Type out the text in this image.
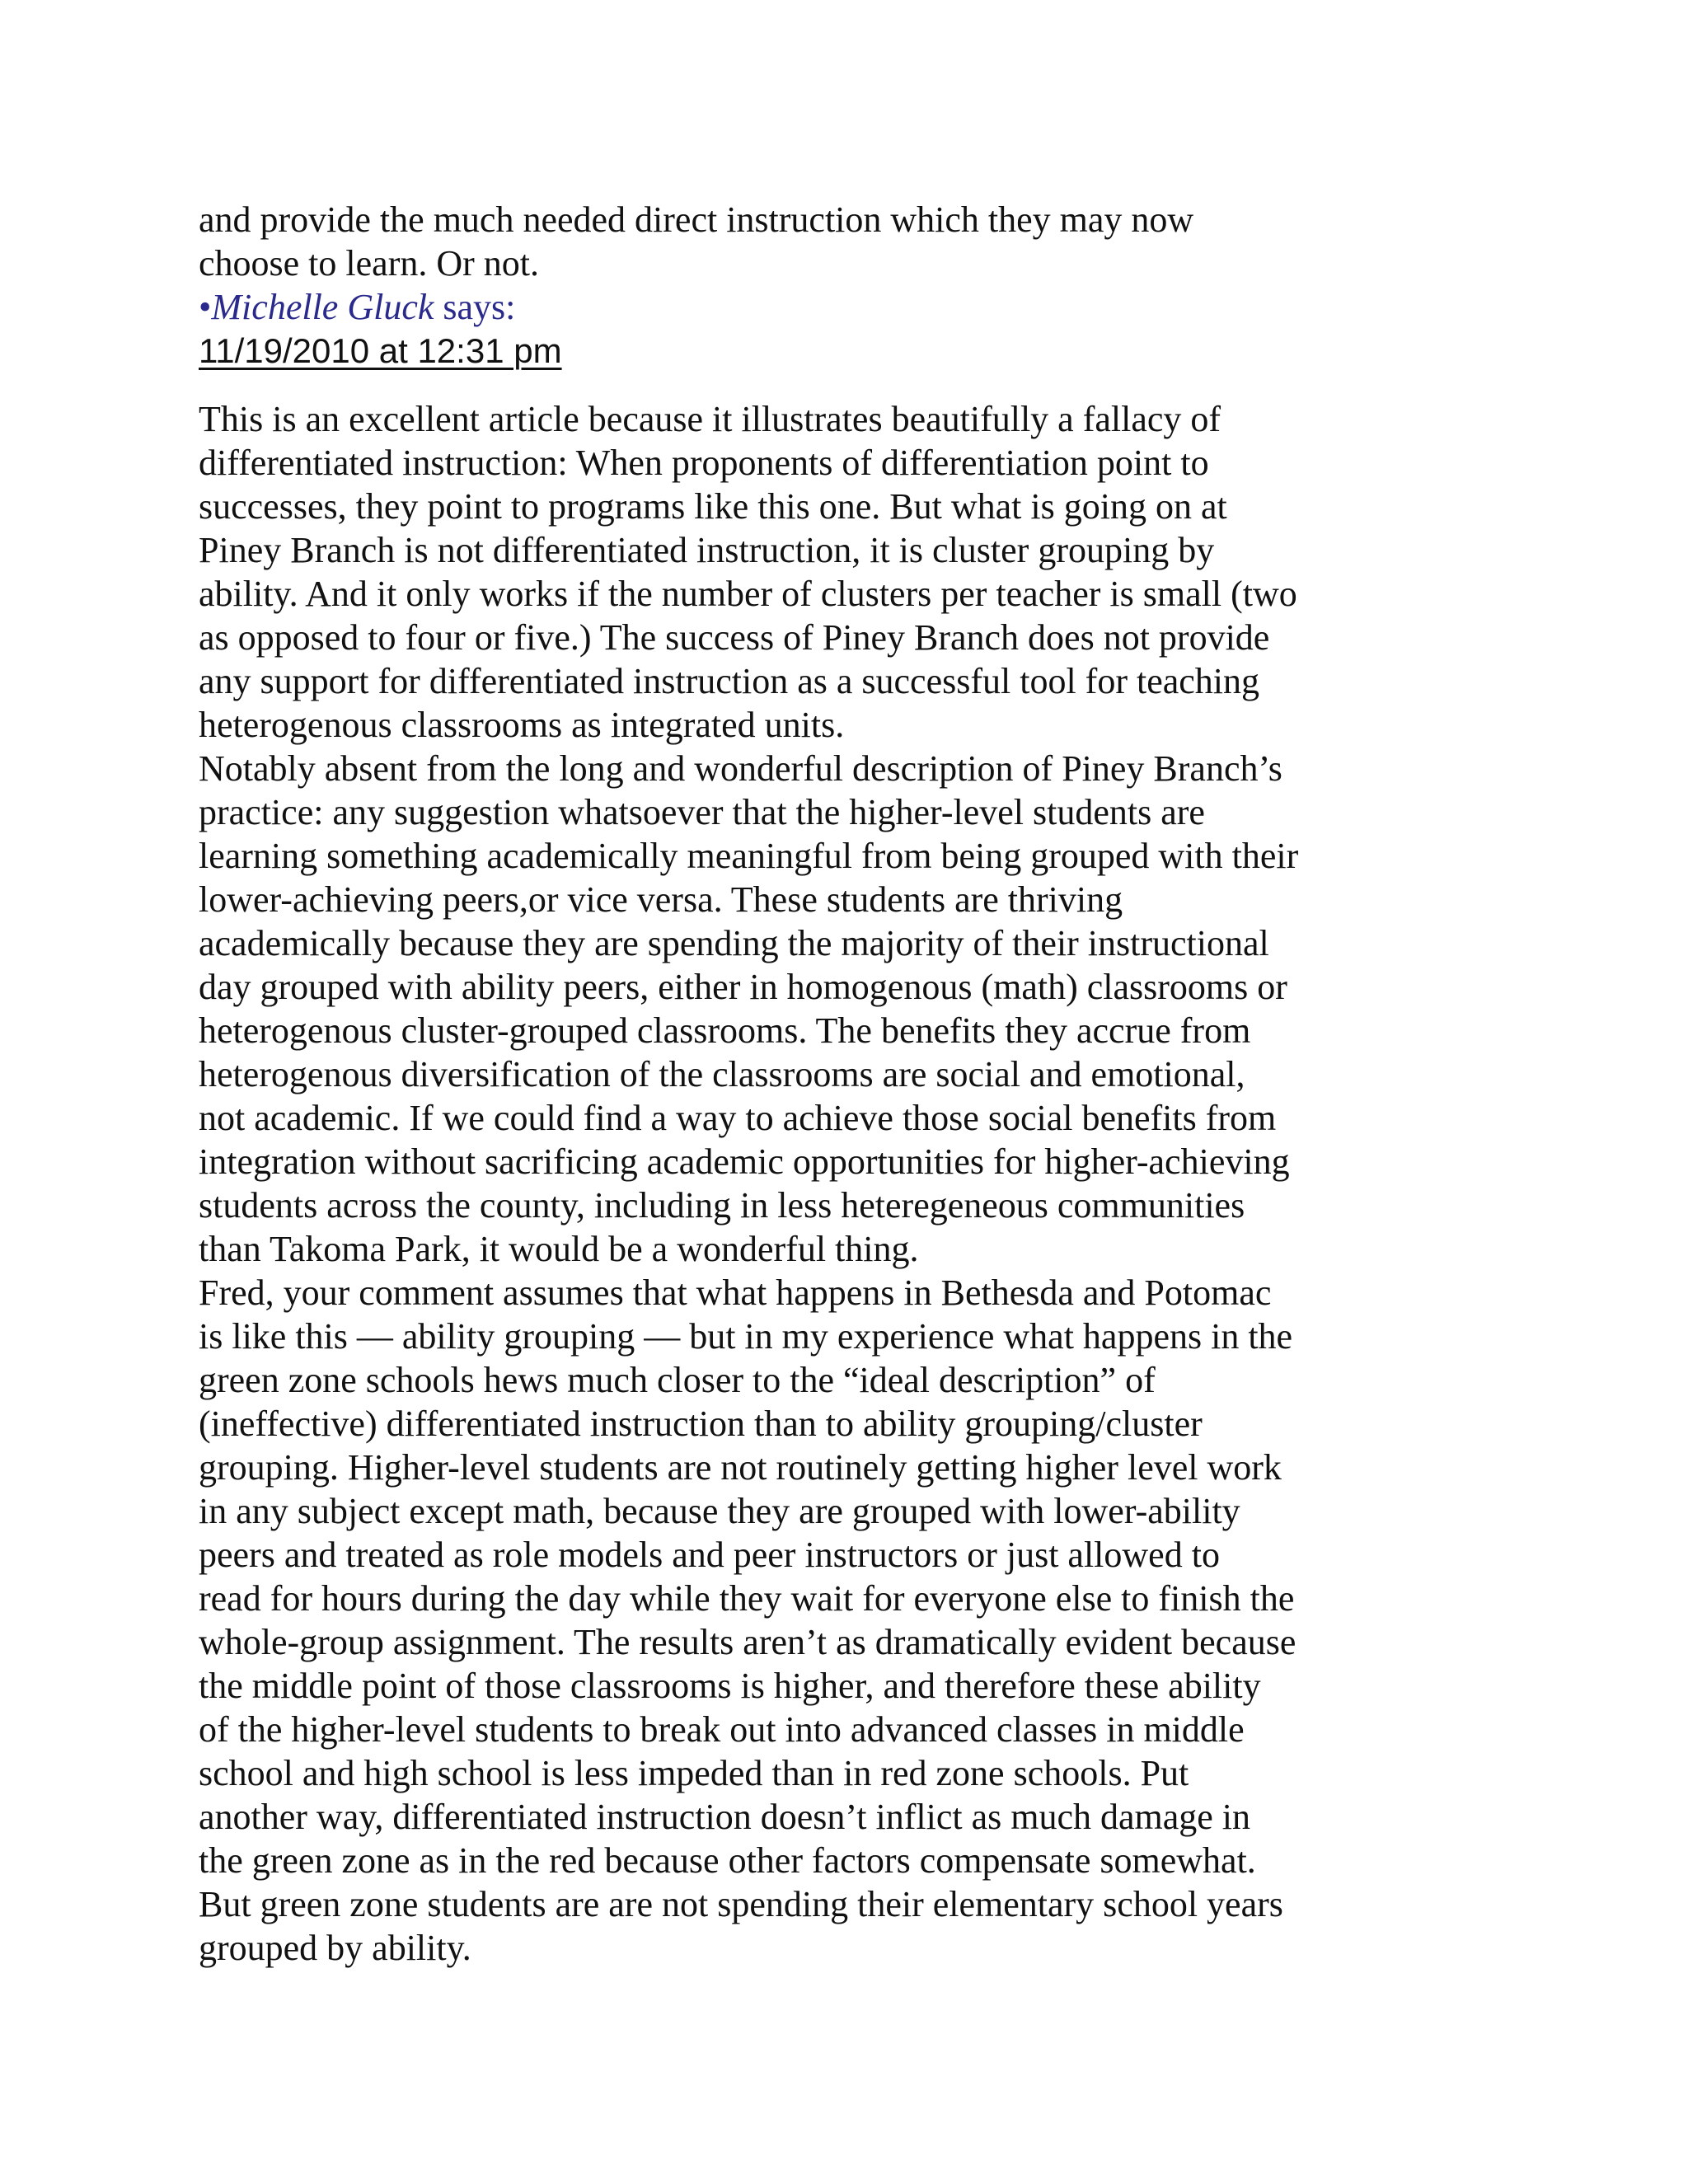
and provide the much needed direct instruction which they may now
choose to learn. Or not.
•Michelle Gluck says:
11/19/2010 at 12:31 pm
This is an excellent article because it illustrates beautifully a fallacy of
differentiated instruction: When proponents of differentiation point to
successes, they point to programs like this one. But what is going on at
Piney Branch is not differentiated instruction, it is cluster grouping by
ability. And it only works if the number of clusters per teacher is small (two
as opposed to four or five.) The success of Piney Branch does not provide
any support for differentiated instruction as a successful tool for teaching
heterogenous classrooms as integrated units.
Notably absent from the long and wonderful description of Piney Branch’s
practice: any suggestion whatsoever that the higher-level students are
learning something academically meaningful from being grouped with their
lower-achieving peers,or vice versa. These students are thriving
academically because they are spending the majority of their instructional
day grouped with ability peers, either in homogenous (math) classrooms or
heterogenous cluster-grouped classrooms. The benefits they accrue from
heterogenous diversification of the classrooms are social and emotional,
not academic. If we could find a way to achieve those social benefits from
integration without sacrificing academic opportunities for higher-achieving
students across the county, including in less heteregeneous communities
than Takoma Park, it would be a wonderful thing.
Fred, your comment assumes that what happens in Bethesda and Potomac
is like this — ability grouping — but in my experience what happens in the
green zone schools hews much closer to the “ideal description” of
(ineffective) differentiated instruction than to ability grouping/cluster
grouping. Higher-level students are not routinely getting higher level work
in any subject except math, because they are grouped with lower-ability
peers and treated as role models and peer instructors or just allowed to
read for hours during the day while they wait for everyone else to finish the
whole-group assignment. The results aren’t as dramatically evident because
the middle point of those classrooms is higher, and therefore these ability
of the higher-level students to break out into advanced classes in middle
school and high school is less impeded than in red zone schools. Put
another way, differentiated instruction doesn’t inflict as much damage in
the green zone as in the red because other factors compensate somewhat.
But green zone students are are not spending their elementary school years
grouped by ability.
